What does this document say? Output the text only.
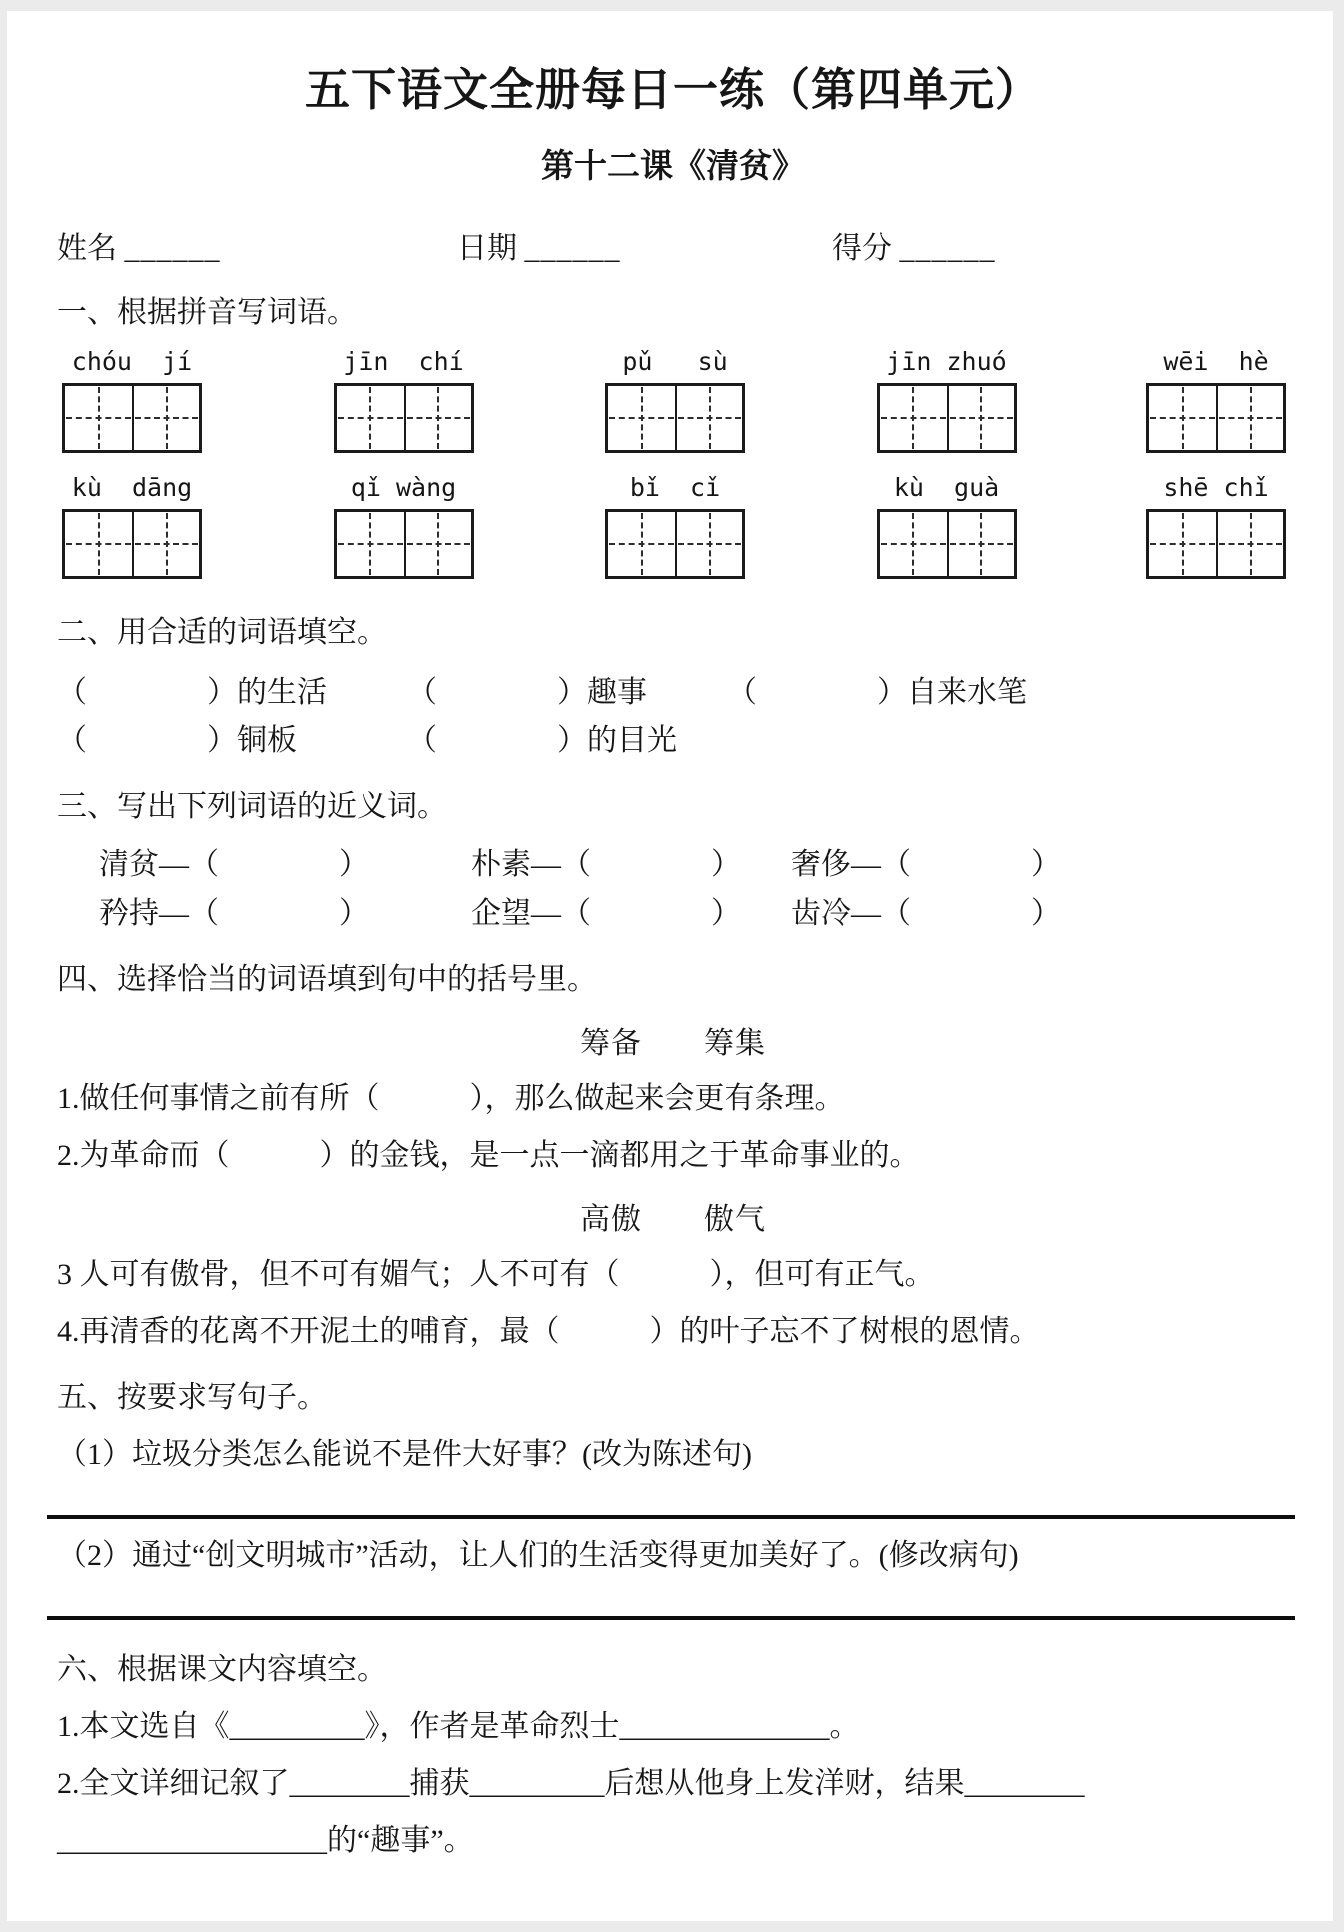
五下语文全册每日一练（第四单元）
第十二课《清贫》
姓名 ______	日期 ______	得分 ______
一、根据拼音写词语。
chóu  jí	jīn  chí	pǔ   sù	jīn zhuó	wēi  hè
kù  dāng	qǐ wàng	bǐ  cǐ	kù  guà	shē chǐ
二、用合适的词语填空。
（　　　　）的生活	（　　　　）趣事	（　　　　）自来水笔
（　　　　）铜板	（　　　　）的目光
三、写出下列词语的近义词。
清贫—（　　　　）	朴素—（　　　　）	奢侈—（　　　　）
矜持—（　　　　）	企望—（　　　　）	齿冷—（　　　　）
四、选择恰当的词语填到句中的括号里。

筹备　　筹集

1.做任何事情之前有所（　　　），那么做起来会更有条理。

2.为革命而（　　　）的金钱，是一点一滴都用之于革命事业的。

高傲　　傲气

3 人可有傲骨，但不可有媚气；人不可有（　　　），但可有正气。

4.再清香的花离不开泥土的哺育，最（　　　）的叶子忘不了树根的恩情。

五、按要求写句子。

（1）垃圾分类怎么能说不是件大好事？(改为陈述句)

（2）通过“创文明城市”活动，让人们的生活变得更加美好了。(修改病句)

六、根据课文内容填空。

1.本文选自《_________》，作者是革命烈士______________。

2.全文详细记叙了________捕获_________后想从他身上发洋财，结果________

__________________的“趣事”。
